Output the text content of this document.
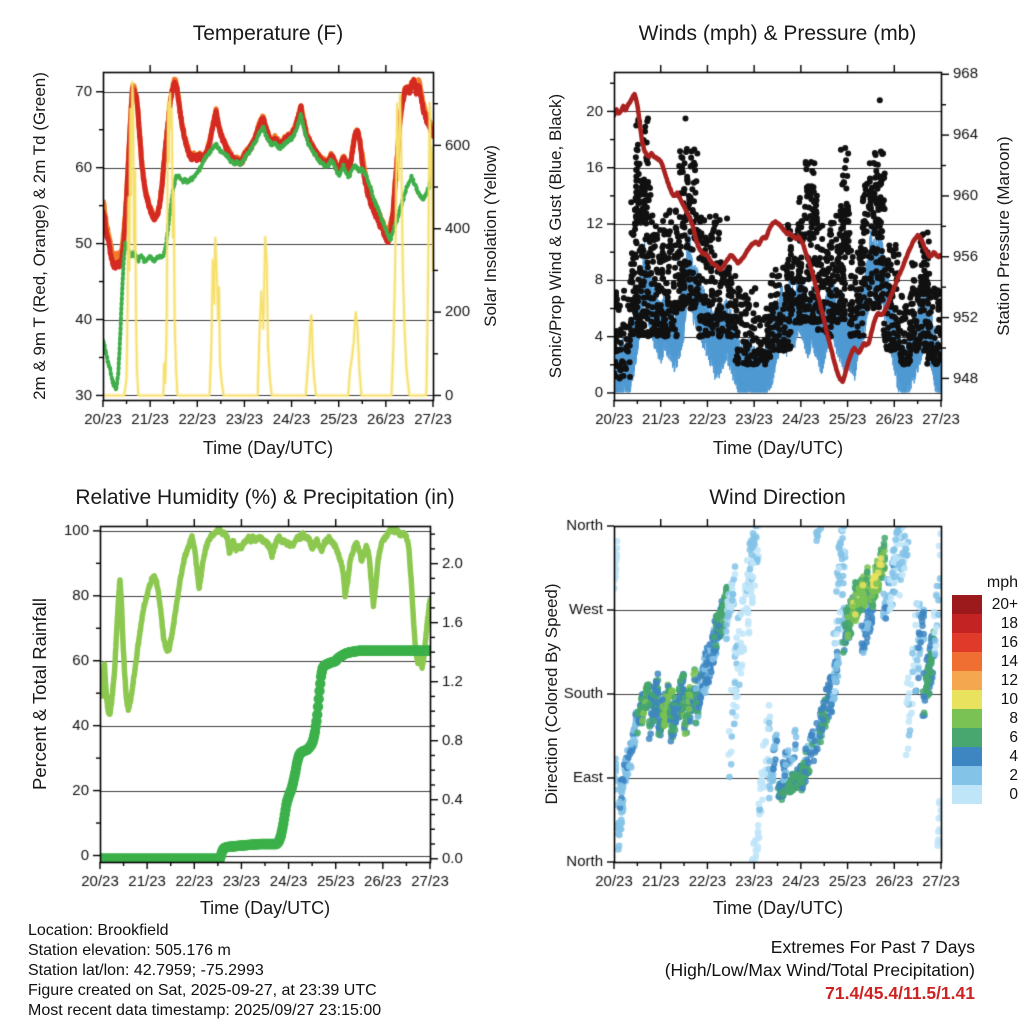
Temperature (F)	Winds (mph) & Pressure (mb)
Relative Humidity (%) & Precipitation (in)	Wind Direction
2m & 9m T (Red, Orange) & 2m Td (Green)	Solar Insolation (Yellow)	Sonic/Prop Wind & Gust (Blue, Black)	Station Pressure (Maroon)
Percent & Total Rainfall	Direction (Colored By Speed)
Time (Day/UTC)	Time (Day/UTC)
Time (Day/UTC)	Time (Day/UTC)
mph
20+
18
16
14
12
10
8
6
4
2
0
Location: Brookfield
Station elevation: 505.176 m
Station lat/lon: 42.7959; -75.2993
Figure created on Sat, 2025-09-27, at 23:39 UTC
Most recent data timestamp: 2025/09/27 23:15:00
Extremes For Past 7 Days
(High/Low/Max Wind/Total Precipitation)
71.4/45.4/11.5/1.41
